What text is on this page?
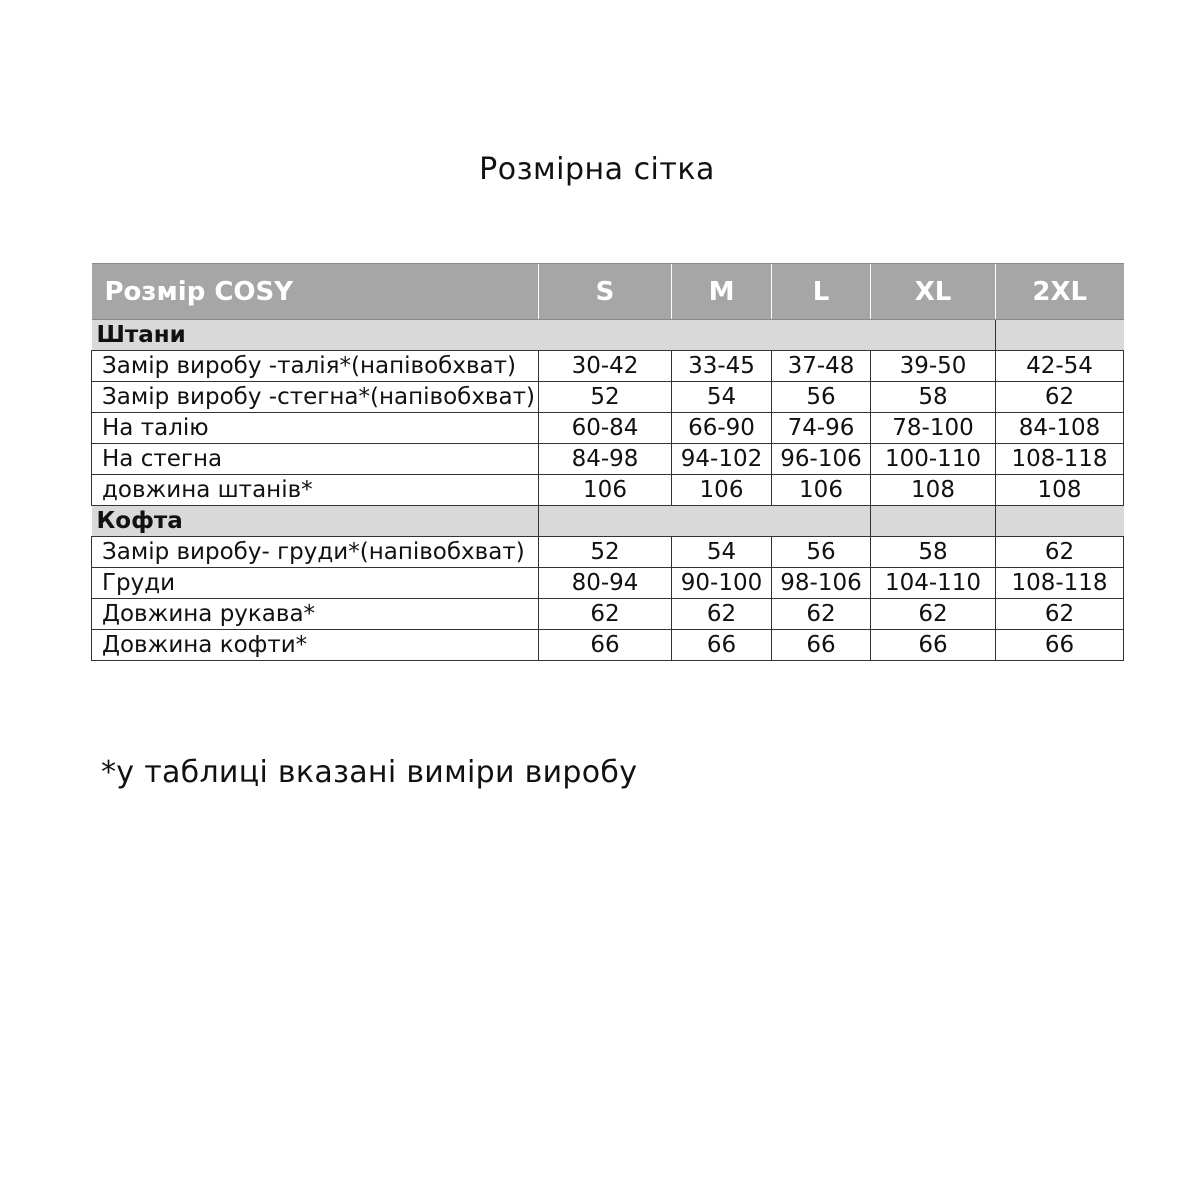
Розмірна сітка
Розмір COSY	S	M	L	XL	2XL
Штани					
Замір виробу -талія*(напівобхват)	30-42	33-45	37-48	39-50	42-54
Замір виробу -стегна*(напівобхват)	52	54	56	58	62
На талію	60-84	66-90	74-96	78-100	84-108
На стегна	84-98	94-102	96-106	100-110	108-118
довжина штанів*	106	106	106	108	108
Кофта					
Замір виробу- груди*(напівобхват)	52	54	56	58	62
Груди	80-94	90-100	98-106	104-110	108-118
Довжина рукава*	62	62	62	62	62
Довжина кофти*	66	66	66	66	66
*у таблиці вказані виміри виробу
